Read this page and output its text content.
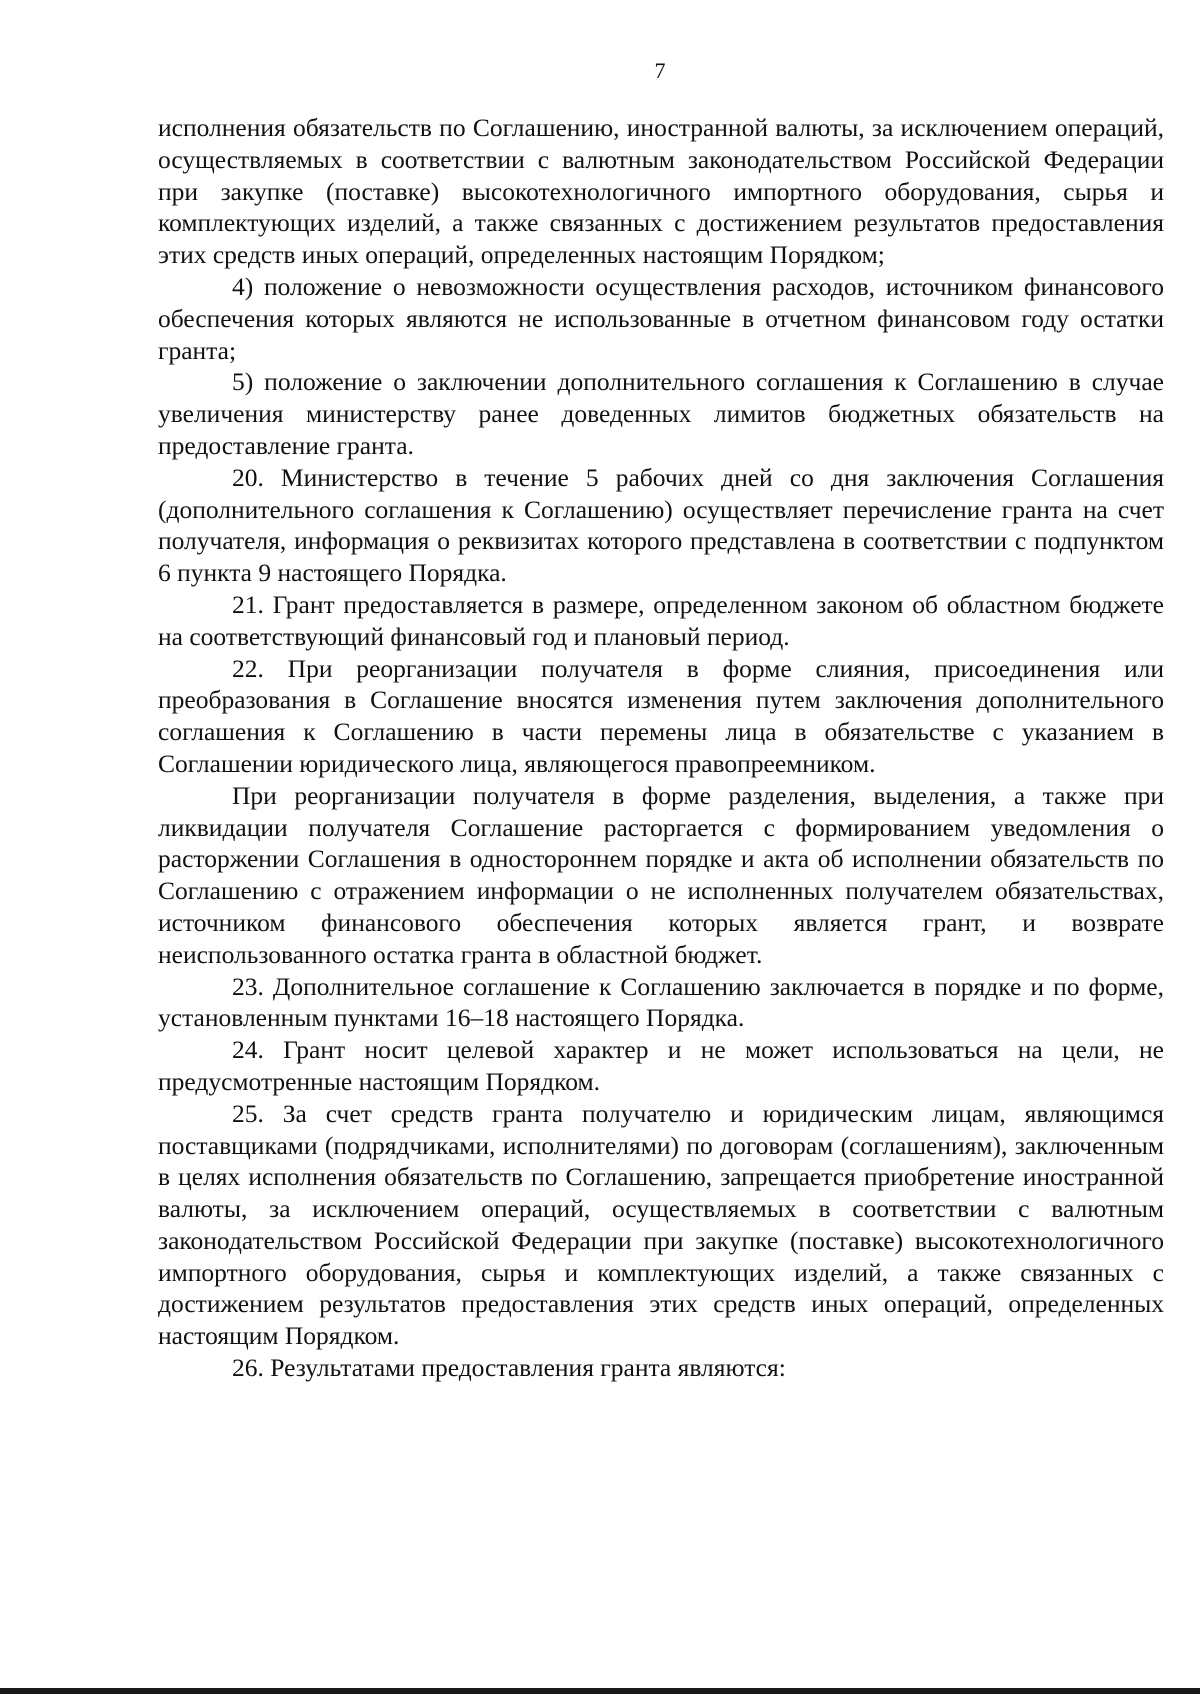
7

исполнения обязательств по Соглашению, иностранной валюты, за исключением операций, осуществляемых в соответствии с валютным законодательством Российской Федерации при закупке (поставке) высокотехнологичного импортного оборудования, сырья и комплектующих изделий, а также связанных с достижением результатов предоставления этих средств иных операций, определенных настоящим Порядком;

4) положение о невозможности осуществления расходов, источником финансового обеспечения которых являются не использованные в отчетном финансовом году остатки гранта;

5) положение о заключении дополнительного соглашения к Соглашению в случае увеличения министерству ранее доведенных лимитов бюджетных обязательств на предоставление гранта.

20. Министерство в течение 5 рабочих дней со дня заключения Соглашения (дополнительного соглашения к Соглашению) осуществляет перечисление гранта на счет получателя, информация о реквизитах которого представлена в соответствии с подпунктом 6 пункта 9 настоящего Порядка.

21. Грант предоставляется в размере, определенном законом об областном бюджете на соответствующий финансовый год и плановый период.

22. При реорганизации получателя в форме слияния, присоединения или преобразования в Соглашение вносятся изменения путем заключения дополнительного соглашения к Соглашению в части перемены лица в обязательстве с указанием в Соглашении юридического лица, являющегося правопреемником.

При реорганизации получателя в форме разделения, выделения, а также при ликвидации получателя Соглашение расторгается с формированием уведомления о расторжении Соглашения в одностороннем порядке и акта об исполнении обязательств по Соглашению с отражением информации о не исполненных получателем обязательствах, источником финансового обеспечения которых является грант, и возврате неиспользованного остатка гранта в областной бюджет.

23. Дополнительное соглашение к Соглашению заключается в порядке и по форме, установленным пунктами 16–18 настоящего Порядка.

24. Грант носит целевой характер и не может использоваться на цели, не предусмотренные настоящим Порядком.

25. За счет средств гранта получателю и юридическим лицам, являющимся поставщиками (подрядчиками, исполнителями) по договорам (соглашениям), заключенным в целях исполнения обязательств по Соглашению, запрещается приобретение иностранной валюты, за исключением операций, осуществляемых в соответствии с валютным законодательством Российской Федерации при закупке (поставке) высокотехнологичного импортного оборудования, сырья и комплектующих изделий, а также связанных с достижением результатов предоставления этих средств иных операций, определенных настоящим Порядком.

26. Результатами предоставления гранта являются:
